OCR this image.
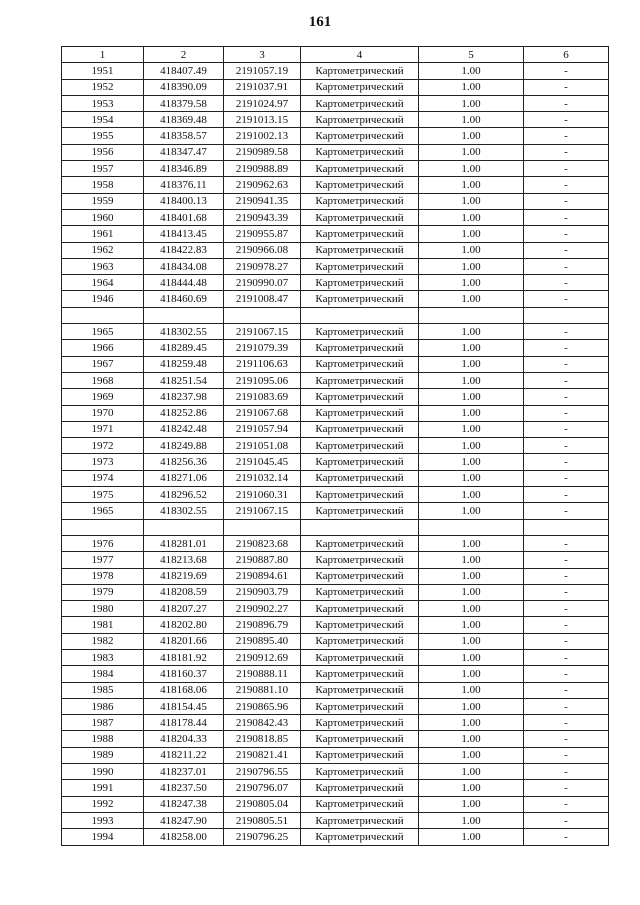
161
1	2	3	4	5	6
1951	418407.49	2191057.19	Картометрический	1.00	-
1952	418390.09	2191037.91	Картометрический	1.00	-
1953	418379.58	2191024.97	Картометрический	1.00	-
1954	418369.48	2191013.15	Картометрический	1.00	-
1955	418358.57	2191002.13	Картометрический	1.00	-
1956	418347.47	2190989.58	Картометрический	1.00	-
1957	418346.89	2190988.89	Картометрический	1.00	-
1958	418376.11	2190962.63	Картометрический	1.00	-
1959	418400.13	2190941.35	Картометрический	1.00	-
1960	418401.68	2190943.39	Картометрический	1.00	-
1961	418413.45	2190955.87	Картометрический	1.00	-
1962	418422.83	2190966.08	Картометрический	1.00	-
1963	418434.08	2190978.27	Картометрический	1.00	-
1964	418444.48	2190990.07	Картометрический	1.00	-
1946	418460.69	2191008.47	Картометрический	1.00	-

1965	418302.55	2191067.15	Картометрический	1.00	-
1966	418289.45	2191079.39	Картометрический	1.00	-
1967	418259.48	2191106.63	Картометрический	1.00	-
1968	418251.54	2191095.06	Картометрический	1.00	-
1969	418237.98	2191083.69	Картометрический	1.00	-
1970	418252.86	2191067.68	Картометрический	1.00	-
1971	418242.48	2191057.94	Картометрический	1.00	-
1972	418249.88	2191051.08	Картометрический	1.00	-
1973	418256.36	2191045.45	Картометрический	1.00	-
1974	418271.06	2191032.14	Картометрический	1.00	-
1975	418296.52	2191060.31	Картометрический	1.00	-
1965	418302.55	2191067.15	Картометрический	1.00	-

1976	418281.01	2190823.68	Картометрический	1.00	-
1977	418213.68	2190887.80	Картометрический	1.00	-
1978	418219.69	2190894.61	Картометрический	1.00	-
1979	418208.59	2190903.79	Картометрический	1.00	-
1980	418207.27	2190902.27	Картометрический	1.00	-
1981	418202.80	2190896.79	Картометрический	1.00	-
1982	418201.66	2190895.40	Картометрический	1.00	-
1983	418181.92	2190912.69	Картометрический	1.00	-
1984	418160.37	2190888.11	Картометрический	1.00	-
1985	418168.06	2190881.10	Картометрический	1.00	-
1986	418154.45	2190865.96	Картометрический	1.00	-
1987	418178.44	2190842.43	Картометрический	1.00	-
1988	418204.33	2190818.85	Картометрический	1.00	-
1989	418211.22	2190821.41	Картометрический	1.00	-
1990	418237.01	2190796.55	Картометрический	1.00	-
1991	418237.50	2190796.07	Картометрический	1.00	-
1992	418247.38	2190805.04	Картометрический	1.00	-
1993	418247.90	2190805.51	Картометрический	1.00	-
1994	418258.00	2190796.25	Картометрический	1.00	-
